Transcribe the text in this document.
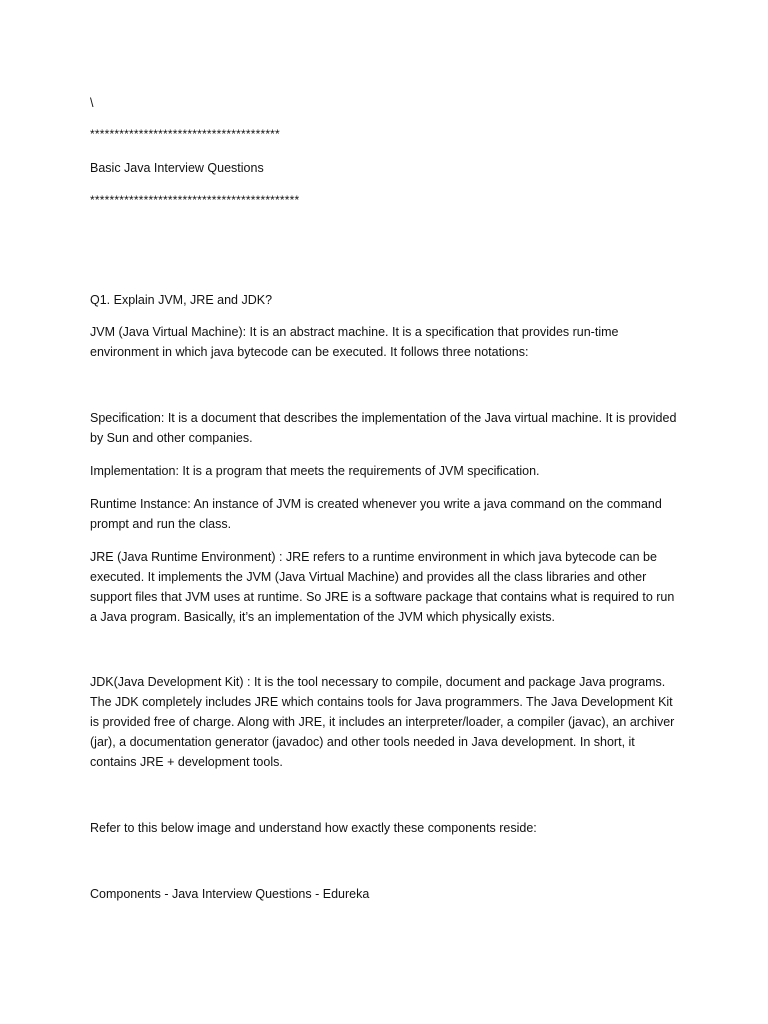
\

***************************************

Basic Java Interview Questions

*******************************************

Q1. Explain JVM, JRE and JDK?

JVM (Java Virtual Machine): It is an abstract machine. It is a specification that provides run-time environment in which java bytecode can be executed. It follows three notations:

Specification: It is a document that describes the implementation of the Java virtual machine. It is provided by Sun and other companies.

Implementation: It is a program that meets the requirements of JVM specification.

Runtime Instance: An instance of JVM is created whenever you write a java command on the command prompt and run the class.

JRE (Java Runtime Environment) : JRE refers to a runtime environment in which java bytecode can be executed. It implements the JVM (Java Virtual Machine) and provides all the class libraries and other support files that JVM uses at runtime. So JRE is a software package that contains what is required to run a Java program. Basically, it’s an implementation of the JVM which physically exists.

JDK(Java Development Kit) : It is the tool necessary to compile, document and package Java programs. The JDK completely includes JRE which contains tools for Java programmers. The Java Development Kit is provided free of charge. Along with JRE, it includes an interpreter/loader, a compiler (javac), an archiver (jar), a documentation generator (javadoc) and other tools needed in Java development. In short, it contains JRE + development tools.

Refer to this below image and understand how exactly these components reside:

Components - Java Interview Questions - Edureka
